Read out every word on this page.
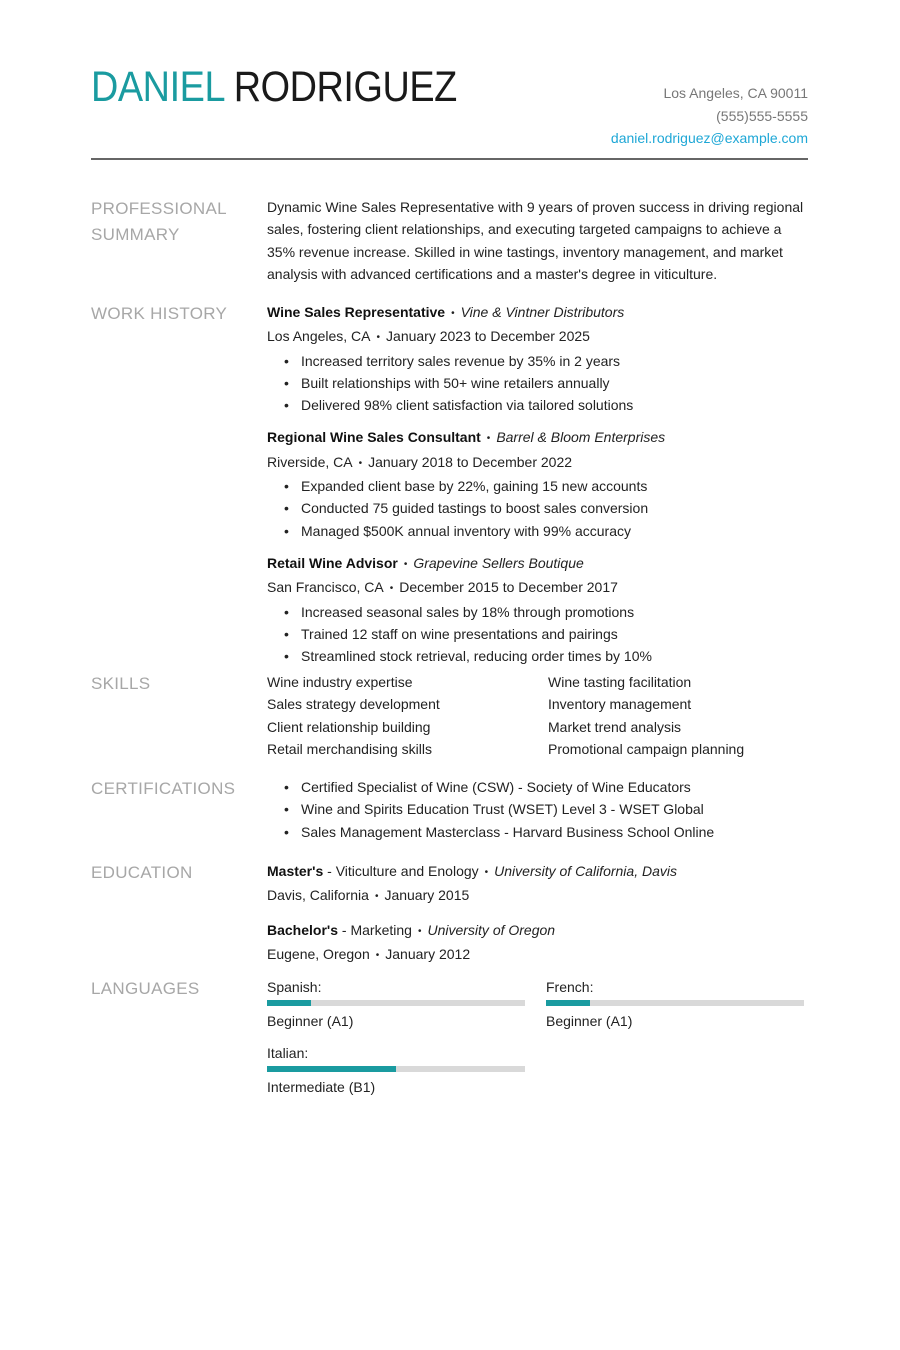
DANIEL RODRIGUEZ	Los Angeles, CA 90011
(555)555-5555
daniel.rodriguez@example.com
PROFESSIONAL
SUMMARY
Dynamic Wine Sales Representative with 9 years of proven success in driving regional sales, fostering client relationships, and executing targeted campaigns to achieve a 35% revenue increase. Skilled in wine tastings, inventory management, and market analysis with advanced certifications and a master's degree in viticulture.
WORK HISTORY	Wine Sales Representative • Vine & Vintner Distributors
Los Angeles, CA • January 2023 to December 2025
• Increased territory sales revenue by 35% in 2 years
• Built relationships with 50+ wine retailers annually
• Delivered 98% client satisfaction via tailored solutions
Regional Wine Sales Consultant • Barrel & Bloom Enterprises
Riverside, CA • January 2018 to December 2022
• Expanded client base by 22%, gaining 15 new accounts
• Conducted 75 guided tastings to boost sales conversion
• Managed $500K annual inventory with 99% accuracy
Retail Wine Advisor • Grapevine Sellers Boutique
San Francisco, CA • December 2015 to December 2017
• Increased seasonal sales by 18% through promotions
• Trained 12 staff on wine presentations and pairings
• Streamlined stock retrieval, reducing order times by 10%
SKILLS	Wine industry expertise
Sales strategy development
Client relationship building
Retail merchandising skills
Wine tasting facilitation
Inventory management
Market trend analysis
Promotional campaign planning
CERTIFICATIONS
•	Certified Specialist of Wine (CSW) - Society of Wine Educators
• Wine and Spirits Education Trust (WSET) Level 3 - WSET Global
• Sales Management Masterclass - Harvard Business School Online
EDUCATION	Master's - Viticulture and Enology • University of California, Davis
Davis, California • January 2015
Bachelor's - Marketing • University of Oregon
Eugene, Oregon • January 2012
LANGUAGES	Spanish:
Beginner (A1)
French:
Beginner (A1)
Italian:
Intermediate (B1)
